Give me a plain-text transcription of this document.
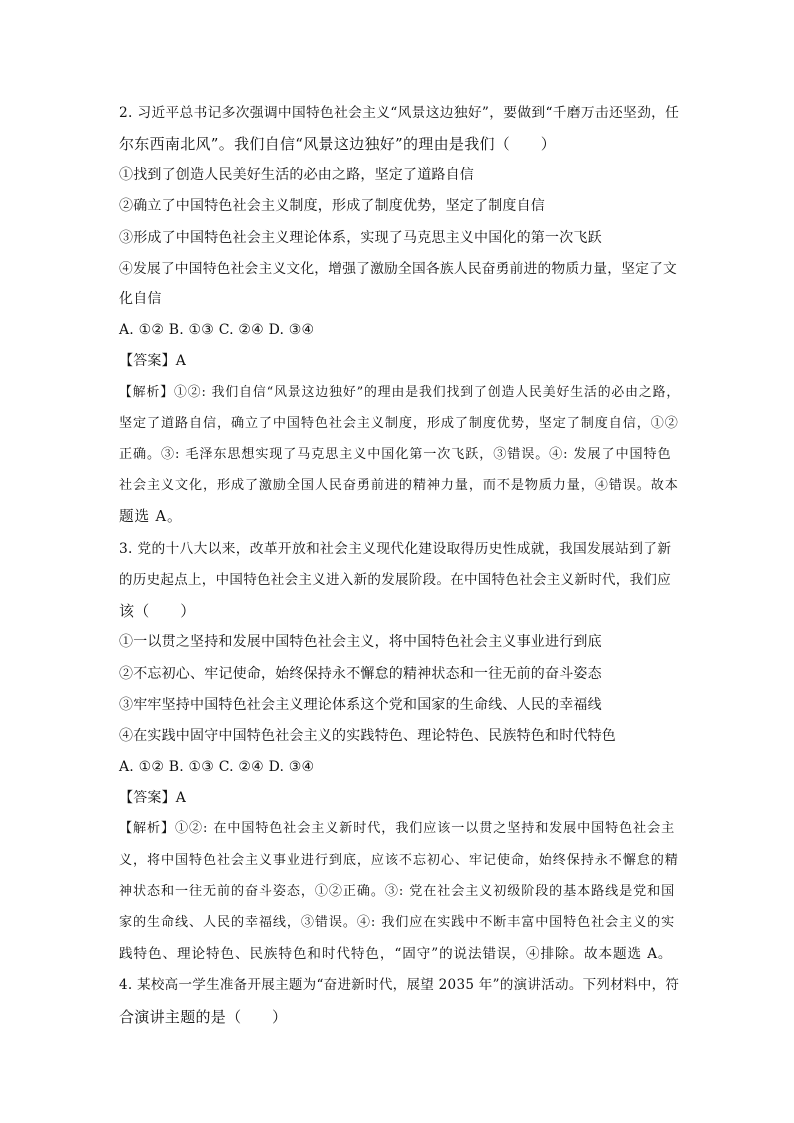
2. 习近平总书记多次强调中国特色社会主义“风景这边独好”，要做到“千磨万击还坚劲，任
尔东西南北风”。我们自信“风景这边独好”的理由是我们（　　）
①找到了创造人民美好生活的必由之路，坚定了道路自信
②确立了中国特色社会主义制度，形成了制度优势，坚定了制度自信
③形成了中国特色社会主义理论体系，实现了马克思主义中国化的第一次飞跃
④发展了中国特色社会主义文化，增强了激励全国各族人民奋勇前进的物质力量，坚定了文
化自信
A. ①② B. ①③ C. ②④ D. ③④
【答案】A
【解析】①②: 我们自信“风景这边独好”的理由是我们找到了创造人民美好生活的必由之路，
坚定了道路自信，确立了中国特色社会主义制度，形成了制度优势，坚定了制度自信，①②
正确。③: 毛泽东思想实现了马克思主义中国化第一次飞跃，③错误。④: 发展了中国特色
社会主义文化，形成了激励全国人民奋勇前进的精神力量，而不是物质力量，④错误。故本
题选 A。
3. 党的十八大以来，改革开放和社会主义现代化建设取得历史性成就，我国发展站到了新
的历史起点上，中国特色社会主义进入新的发展阶段。在中国特色社会主义新时代，我们应
该（　　）
①一以贯之坚持和发展中国特色社会主义，将中国特色社会主义事业进行到底
②不忘初心、牢记使命，始终保持永不懈怠的精神状态和一往无前的奋斗姿态
③牢牢坚持中国特色社会主义理论体系这个党和国家的生命线、人民的幸福线
④在实践中固守中国特色社会主义的实践特色、理论特色、民族特色和时代特色
A. ①② B. ①③ C. ②④ D. ③④
【答案】A
【解析】①②: 在中国特色社会主义新时代，我们应该一以贯之坚持和发展中国特色社会主
义，将中国特色社会主义事业进行到底，应该不忘初心、牢记使命，始终保持永不懈怠的精
神状态和一往无前的奋斗姿态，①②正确。③: 党在社会主义初级阶段的基本路线是党和国
家的生命线、人民的幸福线，③错误。④: 我们应在实践中不断丰富中国特色社会主义的实
践特色、理论特色、民族特色和时代特色，“固守”的说法错误，④排除。故本题选 A。
4. 某校高一学生准备开展主题为“奋进新时代，展望 2035 年”的演讲活动。下列材料中，符
合演讲主题的是（　　）
